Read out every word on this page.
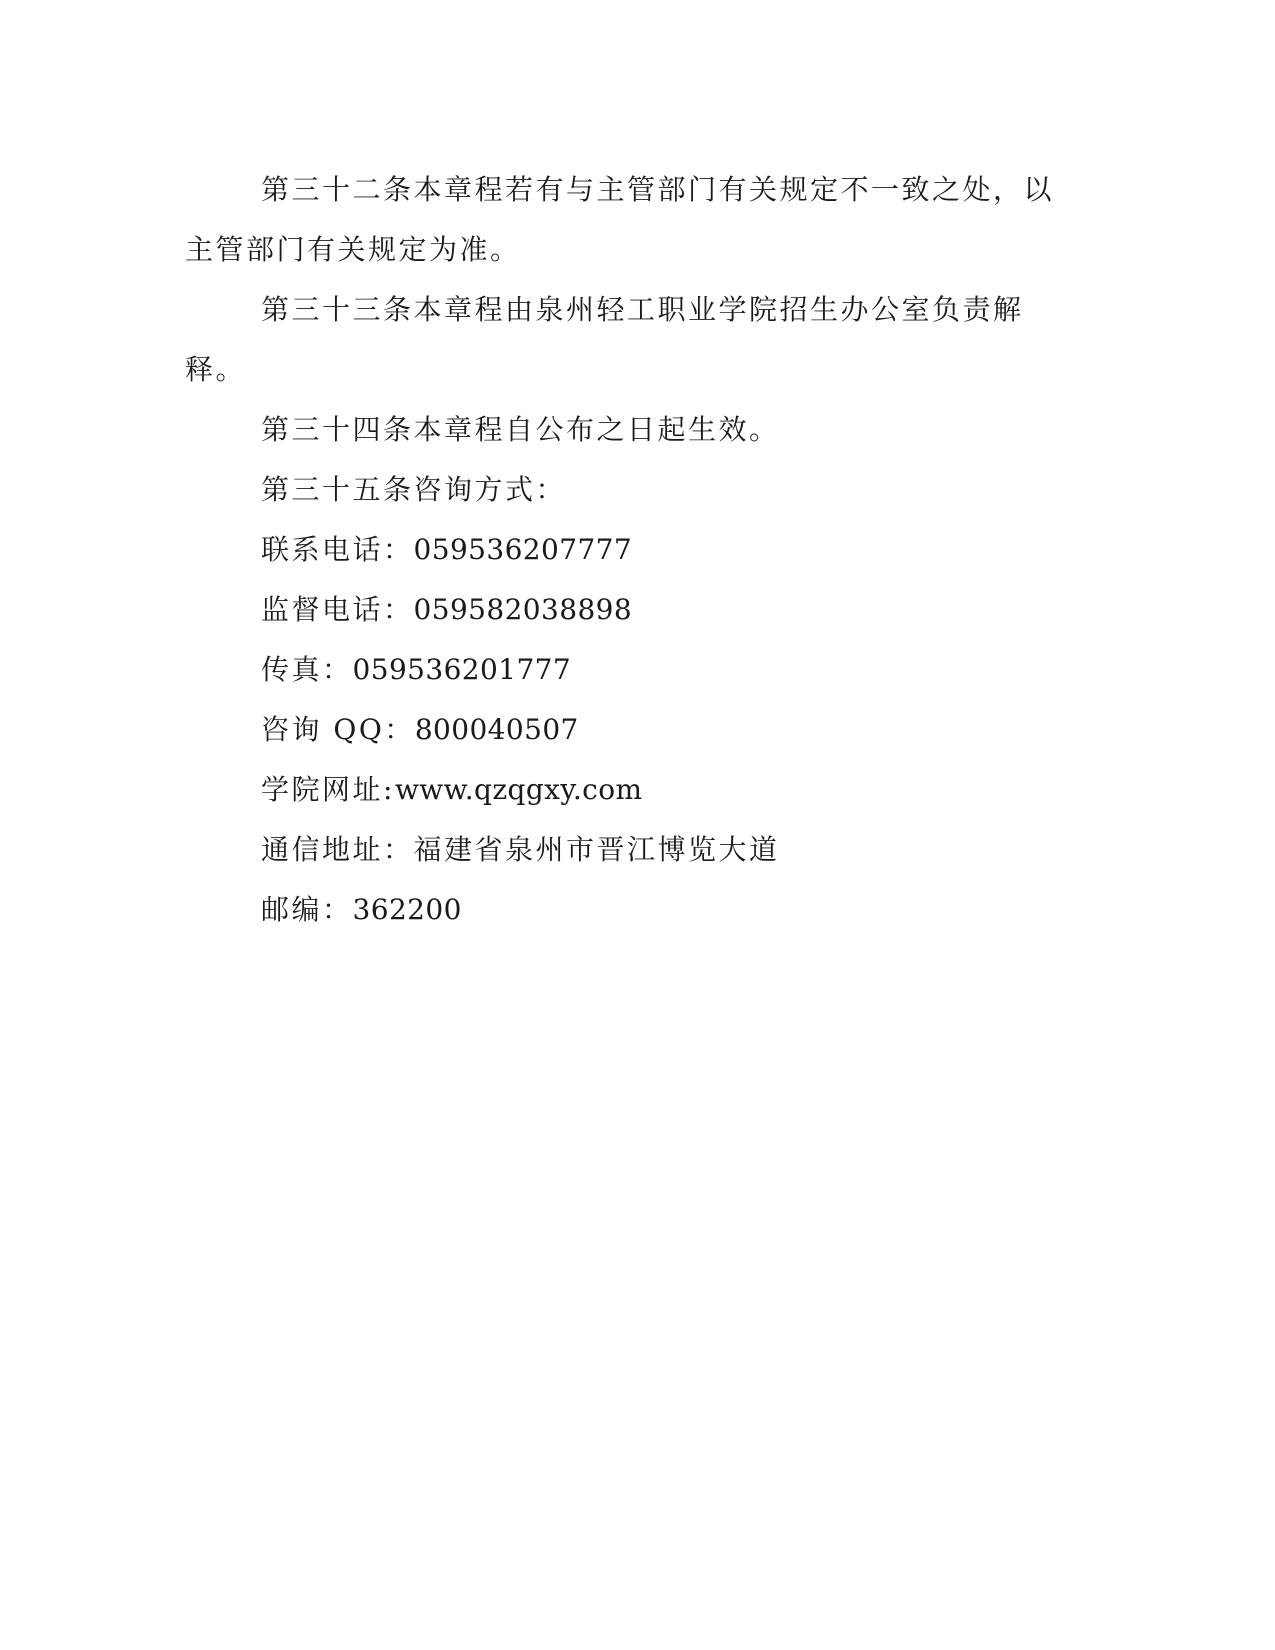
第三十二条本章程若有与主管部门有关规定不一致之处，以主管部门有关规定为准。

第三十三条本章程由泉州轻工职业学院招生办公室负责解释。

第三十四条本章程自公布之日起生效。

第三十五条咨询方式：

联系电话：059536207777

监督电话：059582038898

传真：059536201777

咨询 QQ：800040507

学院网址:www.qzqgxy.com

通信地址：福建省泉州市晋江博览大道

邮编：362200
